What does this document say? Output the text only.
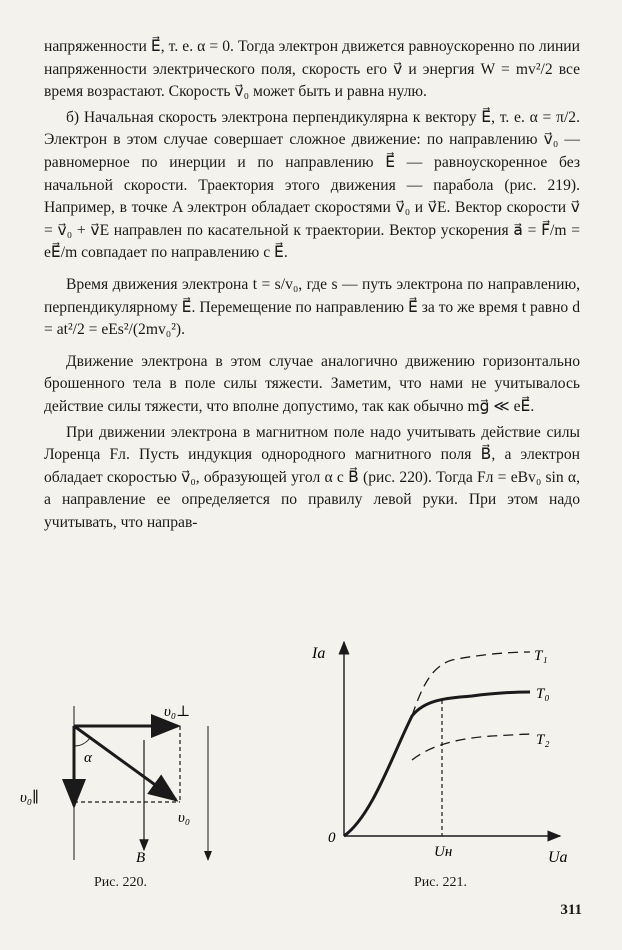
напряженности E⃗, т. е. α = 0. Тогда электрон движется равноускоренно по линии напряженности электрического поля, скорость его v⃗ и энергия W = mv²/2 все время возрастают. Скорость v⃗₀ может быть и равна нулю.

б) Начальная скорость электрона перпендикулярна к вектору E⃗, т. е. α = π/2. Электрон в этом случае совершает сложное движение: по направлению v⃗₀ — равномерное по инерции и по направлению E⃗ — равноускоренное без начальной скорости. Траектория этого движения — парабола (рис. 219). Например, в точке A электрон обладает скоростями v⃗₀ и v⃗E. Вектор скорости v⃗ = v⃗₀ + v⃗E направлен по касательной к траектории. Вектор ускорения a⃗ = F⃗/m = eE⃗/m совпадает по направлению с E⃗.

Время движения электрона t = s/v₀, где s — путь электрона по направлению, перпендикулярному E⃗. Перемещение по направлению E⃗ за то же время t равно d = at²/2 = eEs²/(2mv₀²).

Движение электрона в этом случае аналогично движению горизонтально брошенного тела в поле силы тяжести. Заметим, что нами не учитывалось действие силы тяжести, что вполне допустимо, так как обычно mg⃗ ≪ eE⃗.

При движении электрона в магнитном поле надо учитывать действие силы Лоренца Fл. Пусть индукция однородного магнитного поля B⃗, а электрон обладает скоростью v⃗₀, образующей угол α с B⃗ (рис. 220). Тогда Fл = eBv₀ sin α, а направление ее определяется по правилу левой руки. При этом надо учитывать, что направ-

α
υ₀⊥
υ₀∥
υ₀
B
Рис. 220.
Iа
Uа
0
Uн
T₁
T₀
T₂
Рис. 221.
311
